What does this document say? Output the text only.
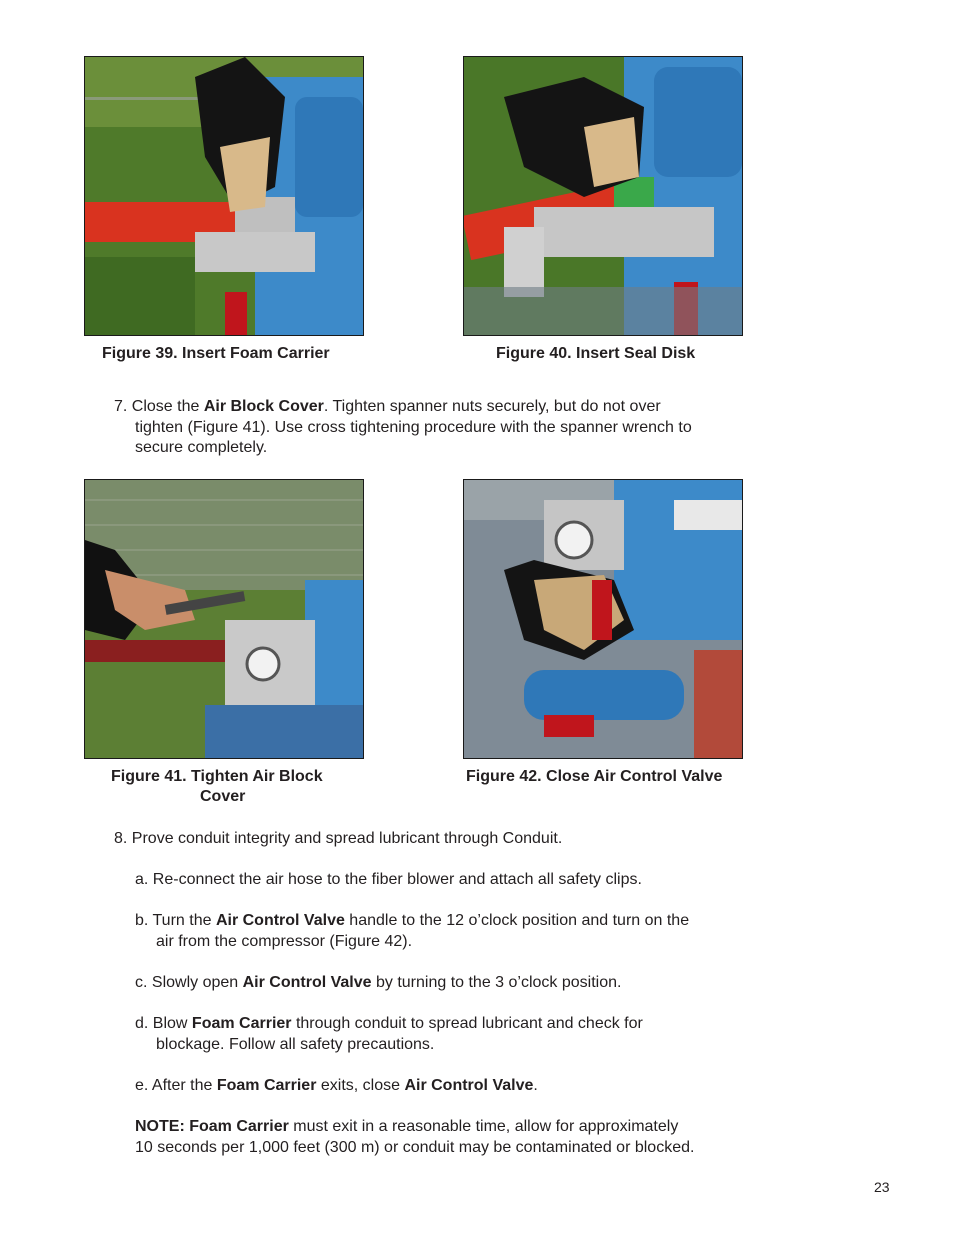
Figure 39. Insert Foam Carrier	Figure 40. Insert Seal Disk
7. Close the Air Block Cover. Tighten spanner nuts securely, but do not over
tighten (Figure 41). Use cross tightening procedure with the spanner wrench to
secure completely.
Figure 41. Tighten Air Block
Cover
Figure 42. Close Air Control Valve
8. Prove conduit integrity and spread lubricant through Conduit.
a. Re-connect the air hose to the fiber blower and attach all safety clips.
b. Turn the Air Control Valve handle to the 12 o’clock position and turn on the
air from the compressor (Figure 42).
c. Slowly open Air Control Valve by turning to the 3 o’clock position.
d. Blow Foam Carrier through conduit to spread lubricant and check for
blockage. Follow all safety precautions.
e. After the Foam Carrier exits, close Air Control Valve.
NOTE: Foam Carrier must exit in a reasonable time, allow for approximately
10 seconds per 1,000 feet (300 m) or conduit may be contaminated or blocked.
23
